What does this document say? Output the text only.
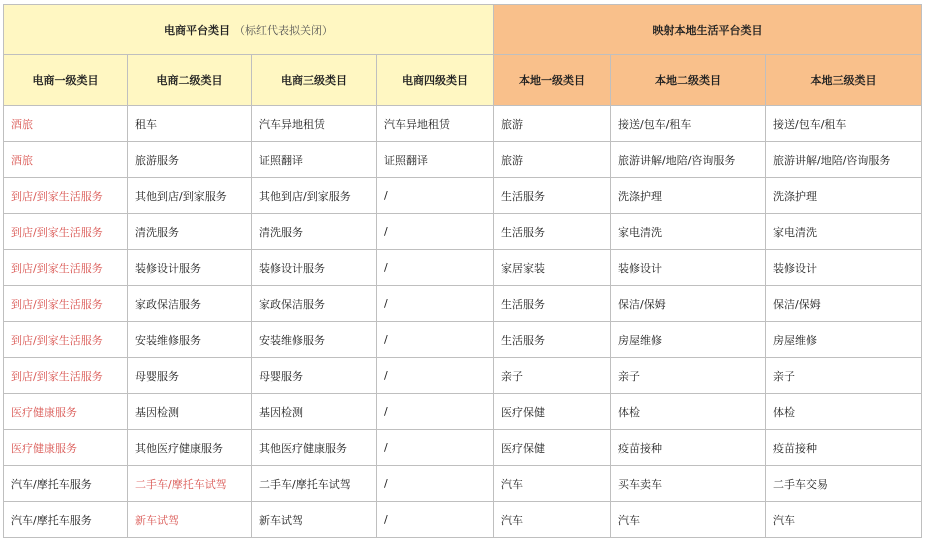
电商平台类目 （标红代表拟关闭）				映射本地生活平台类目		
电商一级类目	电商二级类目	电商三级类目	电商四级类目	本地一级类目	本地二级类目	本地三级类目
酒旅	租车	汽车异地租赁	汽车异地租赁	旅游	接送/包车/租车	接送/包车/租车
酒旅	旅游服务	证照翻译	证照翻译	旅游	旅游讲解/地陪/咨询服务	旅游讲解/地陪/咨询服务
到店/到家生活服务	其他到店/到家服务	其他到店/到家服务	/	生活服务	洗涤护理	洗涤护理
到店/到家生活服务	清洗服务	清洗服务	/	生活服务	家电清洗	家电清洗
到店/到家生活服务	装修设计服务	装修设计服务	/	家居家装	装修设计	装修设计
到店/到家生活服务	家政保洁服务	家政保洁服务	/	生活服务	保洁/保姆	保洁/保姆
到店/到家生活服务	安装维修服务	安装维修服务	/	生活服务	房屋维修	房屋维修
到店/到家生活服务	母婴服务	母婴服务	/	亲子	亲子	亲子
医疗健康服务	基因检测	基因检测	/	医疗保健	体检	体检
医疗健康服务	其他医疗健康服务	其他医疗健康服务	/	医疗保健	疫苗接种	疫苗接种
汽车/摩托车服务	二手车/摩托车试驾	二手车/摩托车试驾	/	汽车	买车卖车	二手车交易
汽车/摩托车服务	新车试驾	新车试驾	/	汽车	汽车	汽车
